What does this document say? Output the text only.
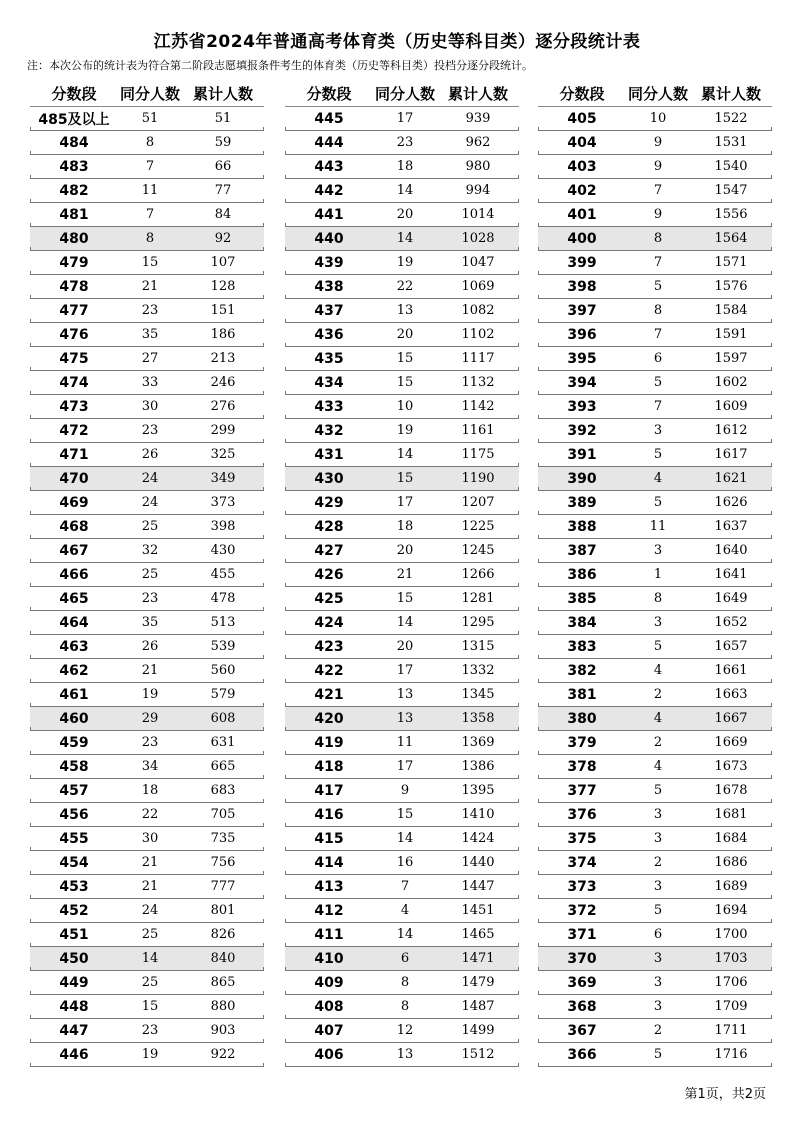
江苏省2024年普通高考体育类（历史等科目类）逐分段统计表
注：本次公布的统计表为符合第二阶段志愿填报条件考生的体育类（历史等科目类）投档分逐分段统计。
分数段	同分人数 累计人数
485及以上	51	51
484	8	59
483	7	66
482	11	77
481	7	84
480	8	92
479	15	107
478	21	128
477	23	151
476	35	186
475	27	213
474	33	246
473	30	276
472	23	299
471	26	325
470	24	349
469	24	373
468	25	398
467	32	430
466	25	455
465	23	478
464	35	513
463	26	539
462	21	560
461	19	579
460	29	608
459	23	631
458	34	665
457	18	683
456	22	705
455	30	735
454	21	756
453	21	777
452	24	801
451	25	826
450	14	840
449	25	865
448	15	880
447	23	903
446	19	922
分数段	同分人数 累计人数
445	17	939
444	23	962
443	18	980
442	14	994
441	20	1014
440	14	1028
439	19	1047
438	22	1069
437	13	1082
436	20	1102
435	15	1117
434	15	1132
433	10	1142
432	19	1161
431	14	1175
430	15	1190
429	17	1207
428	18	1225
427	20	1245
426	21	1266
425	15	1281
424	14	1295
423	20	1315
422	17	1332
421	13	1345
420	13	1358
419	11	1369
418	17	1386
417	9	1395
416	15	1410
415	14	1424
414	16	1440
413	7	1447
412	4	1451
411	14	1465
410	6	1471
409	8	1479
408	8	1487
407	12	1499
406	13	1512
分数段	同分人数 累计人数
405	10	1522
404	9	1531
403	9	1540
402	7	1547
401	9	1556
400	8	1564
399	7	1571
398	5	1576
397	8	1584
396	7	1591
395	6	1597
394	5	1602
393	7	1609
392	3	1612
391	5	1617
390	4	1621
389	5	1626
388	11	1637
387	3	1640
386	1	1641
385	8	1649
384	3	1652
383	5	1657
382	4	1661
381	2	1663
380	4	1667
379	2	1669
378	4	1673
377	5	1678
376	3	1681
375	3	1684
374	2	1686
373	3	1689
372	5	1694
371	6	1700
370	3	1703
369	3	1706
368	3	1709
367	2	1711
366	5	1716
第1页，共2页
